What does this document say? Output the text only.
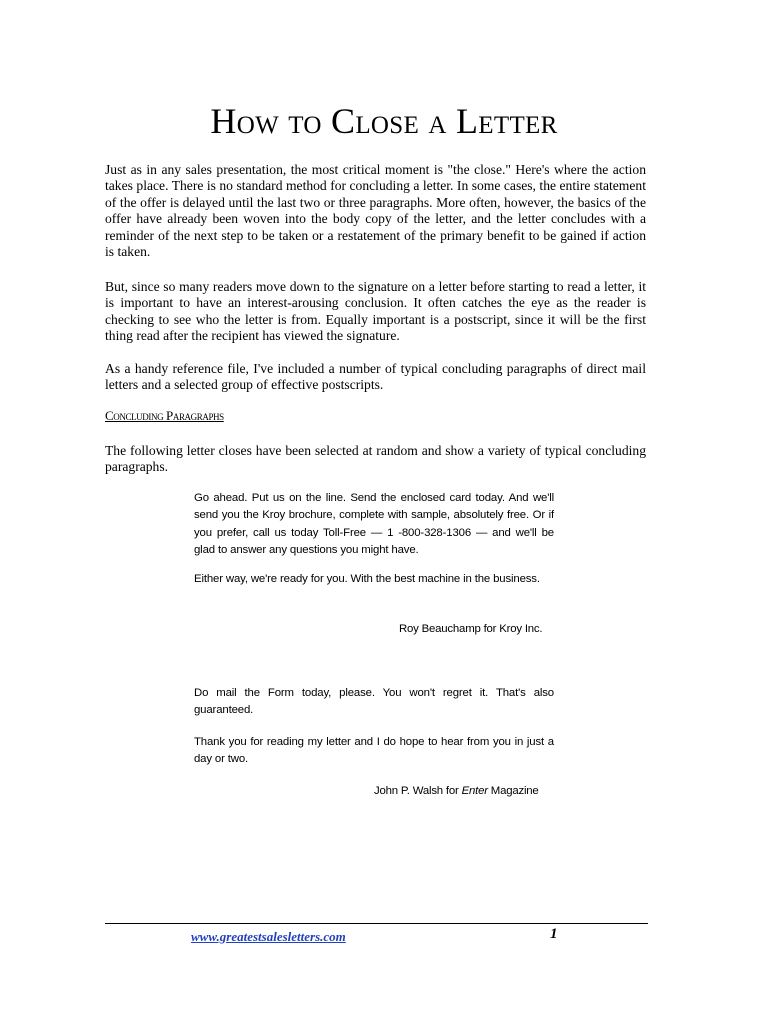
How to Close a Letter

Just as in any sales presentation, the most critical moment is "the close." Here's where the action takes place. There is no standard method for concluding a letter. In some cases, the entire statement of the offer is delayed until the last two or three paragraphs. More often, however, the basics of the offer have already been woven into the body copy of the letter, and the letter concludes with a reminder of the next step to be taken or a restatement of the primary benefit to be gained if action is taken.

But, since so many readers move down to the signature on a letter before starting to read a letter, it is important to have an interest-arousing conclusion. It often catches the eye as the reader is checking to see who the letter is from. Equally important is a postscript, since it will be the first thing read after the recipient has viewed the signature.

As a handy reference file, I've included a number of typical concluding paragraphs of direct mail letters and a selected group of effective postscripts.

Concluding Paragraphs

The following letter closes have been selected at random and show a variety of typical concluding paragraphs.

Go ahead. Put us on the line. Send the enclosed card today. And we'll send you the Kroy brochure, complete with sample, absolutely free. Or if you prefer, call us today Toll-Free — 1 -800-328-1306 — and we'll be glad to answer any questions you might have.

Either way, we're ready for you. With the best machine in the business.

Roy Beauchamp for Kroy Inc.

Do mail the Form today, please. You won't regret it. That's also guaranteed.

Thank you for reading my letter and I do hope to hear from you in just a day or two.

John P. Walsh for Enter Magazine

www.greatestsalesletters.com	1
